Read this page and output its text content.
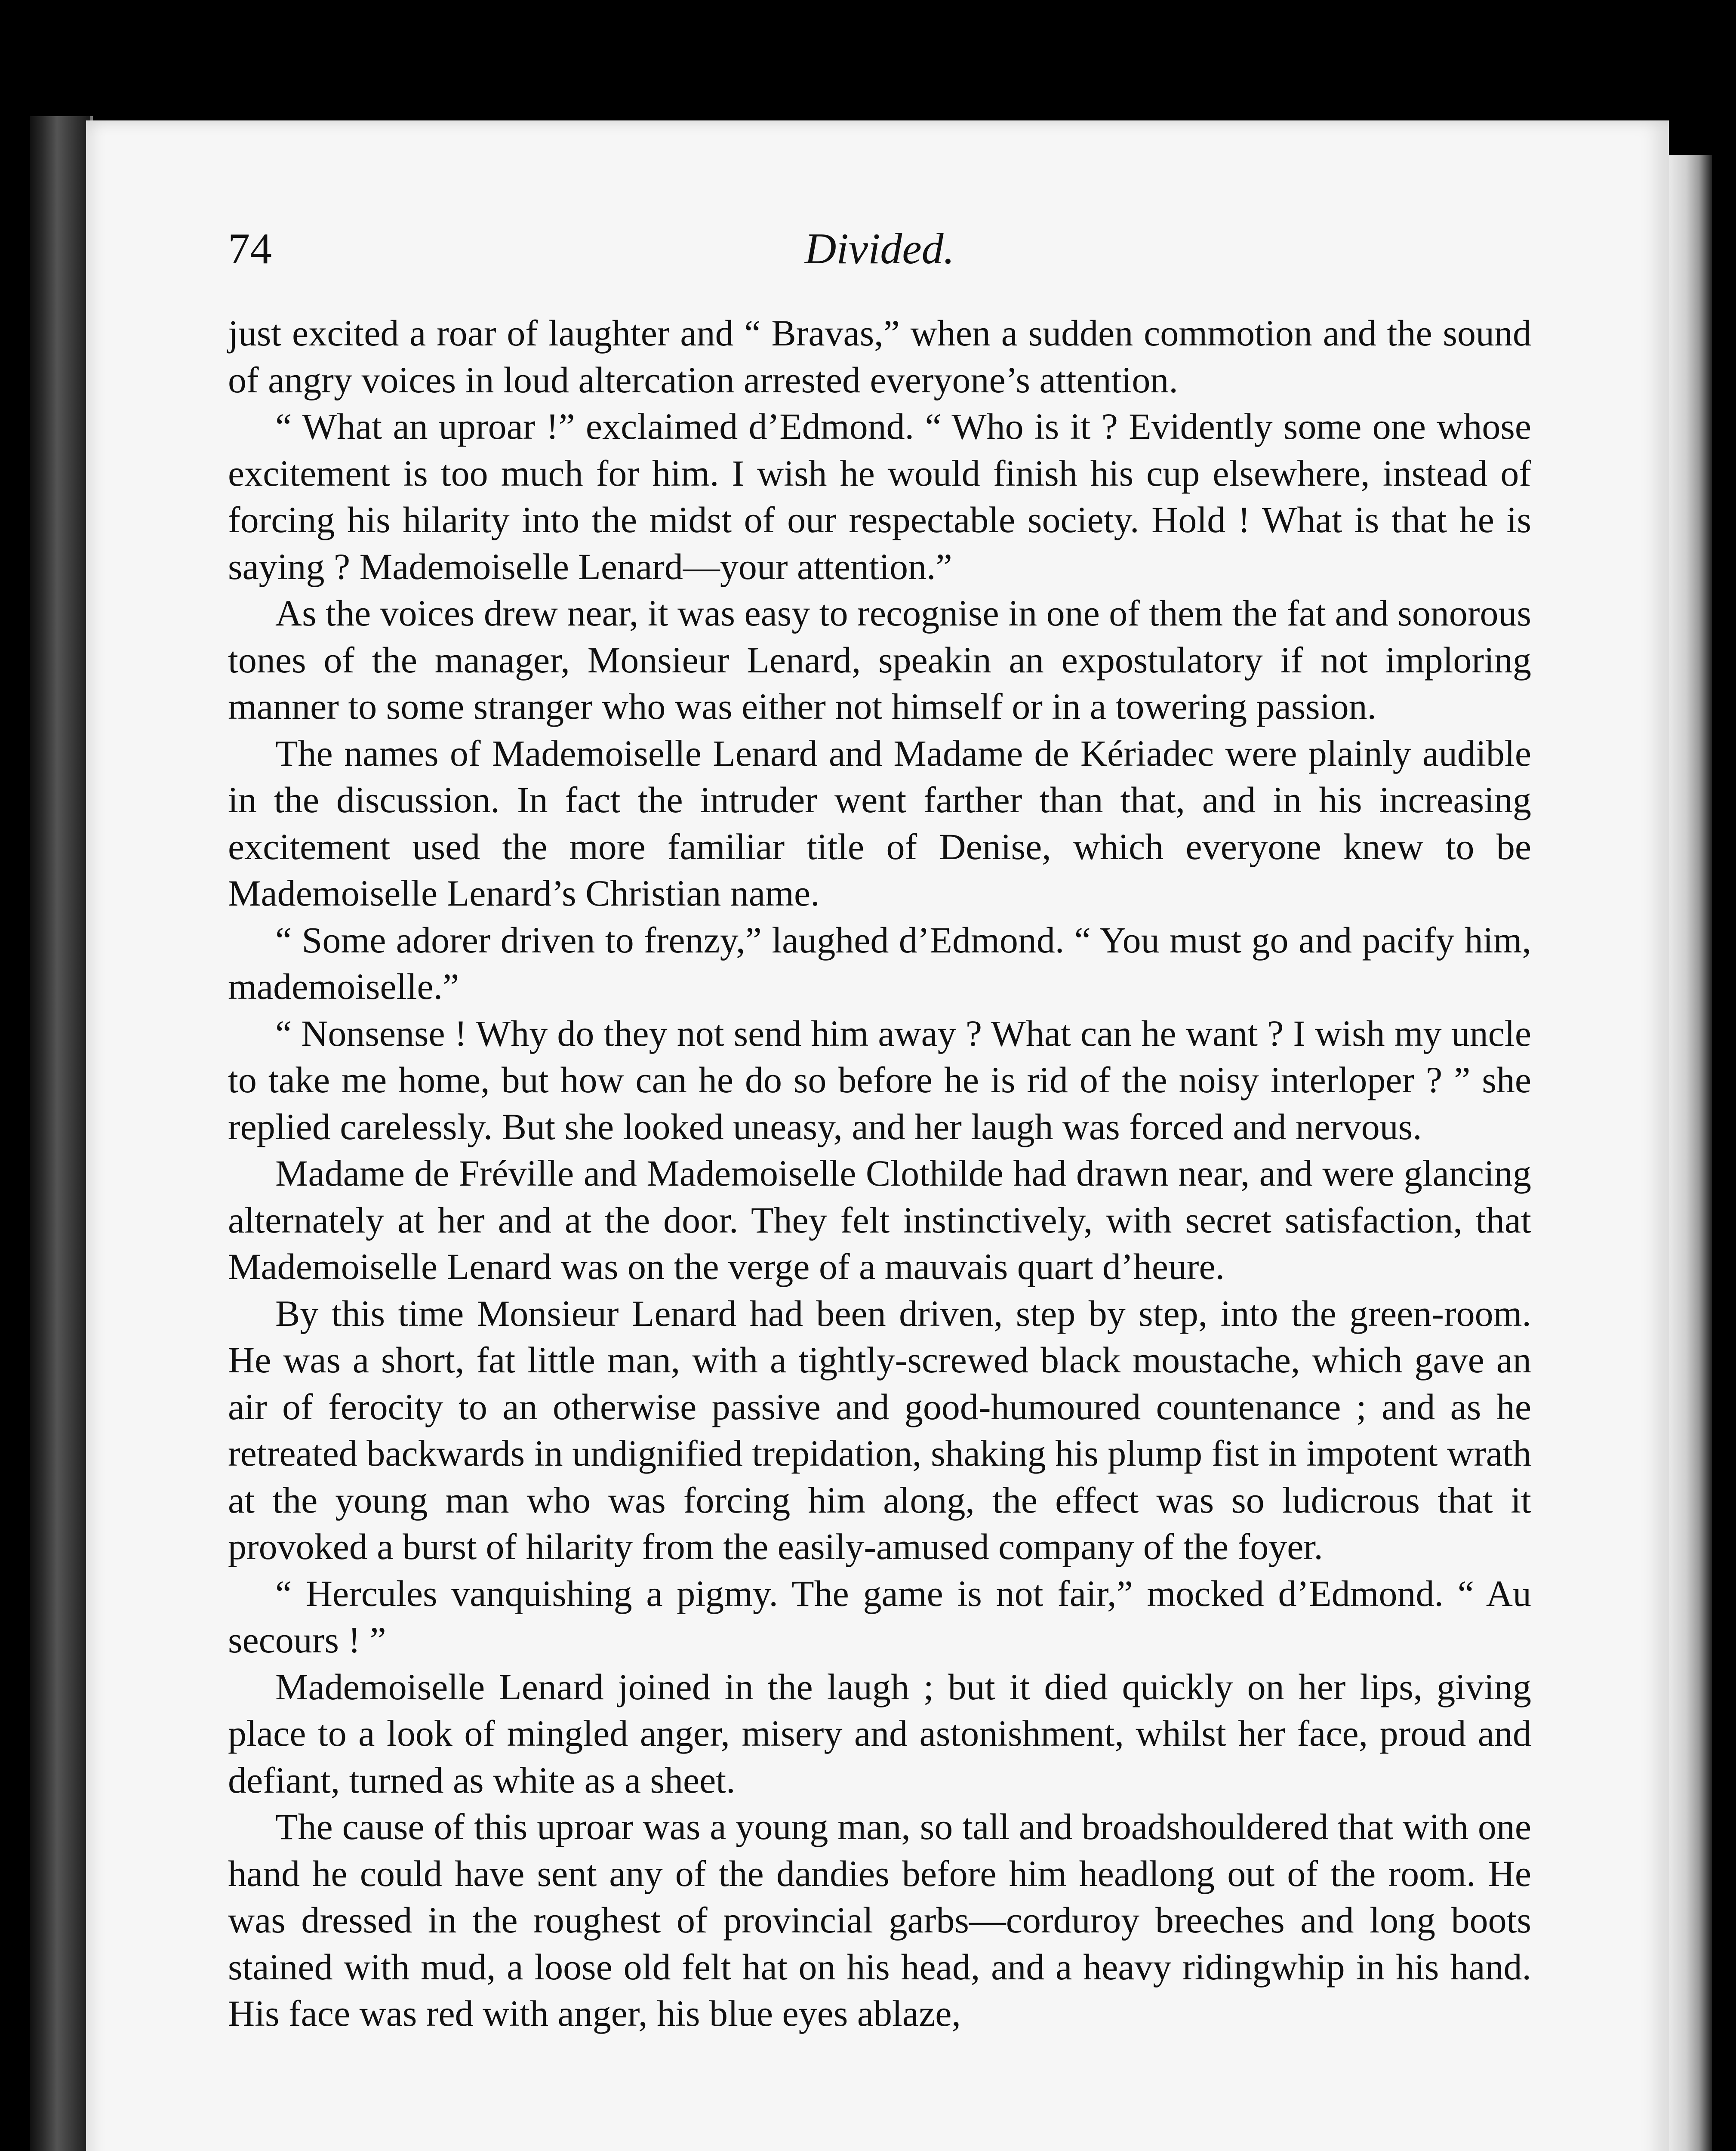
74	Divided.

just excited a roar of laughter and “ Bravas,” when a sudden commotion and the sound of angry voices in loud altercation arrested everyone’s attention.

“ What an uproar !” exclaimed d’Edmond. “ Who is it ? Evidently some one whose excitement is too much for him. I wish he would finish his cup elsewhere, instead of forcing his hilarity into the midst of our respectable society. Hold ! What is that he is saying ? Mademoiselle Lenard—your attention.”

As the voices drew near, it was easy to recognise in one of them the fat and sonorous tones of the manager, Monsieur Lenard, speakin an expostulatory if not imploring manner to some stranger who was either not himself or in a towering passion.

The names of Mademoiselle Lenard and Madame de Kériadec were plainly audible in the discussion. In fact the intruder went farther than that, and in his increasing excitement used the more familiar title of Denise, which everyone knew to be Mademoiselle Lenard’s Christian name.

“ Some adorer driven to frenzy,” laughed d’Edmond. “ You must go and pacify him, mademoiselle.”

“ Nonsense ! Why do they not send him away ? What can he want ? I wish my uncle to take me home, but how can he do so before he is rid of the noisy interloper ? ” she replied carelessly. But she looked uneasy, and her laugh was forced and nervous.

Madame de Fréville and Mademoiselle Clothilde had drawn near, and were glancing alternately at her and at the door. They felt instinctively, with secret satisfaction, that Mademoiselle Lenard was on the verge of a mauvais quart d’heure.

By this time Monsieur Lenard had been driven, step by step, into the green-room. He was a short, fat little man, with a tightly-screwed black moustache, which gave an air of ferocity to an otherwise passive and good-humoured countenance ; and as he retreated backwards in undignified trepidation, shaking his plump fist in impotent wrath at the young man who was forcing him along, the effect was so ludicrous that it provoked a burst of hilarity from the easily-amused company of the foyer.

“ Hercules vanquishing a pigmy. The game is not fair,” mocked d’Edmond. “ Au secours ! ”

Mademoiselle Lenard joined in the laugh ; but it died quickly on her lips, giving place to a look of mingled anger, misery and astonishment, whilst her face, proud and defiant, turned as white as a sheet.

The cause of this uproar was a young man, so tall and broadshouldered that with one hand he could have sent any of the dandies before him headlong out of the room. He was dressed in the roughest of provincial garbs—corduroy breeches and long boots stained with mud, a loose old felt hat on his head, and a heavy ridingwhip in his hand. His face was red with anger, his blue eyes ablaze,
